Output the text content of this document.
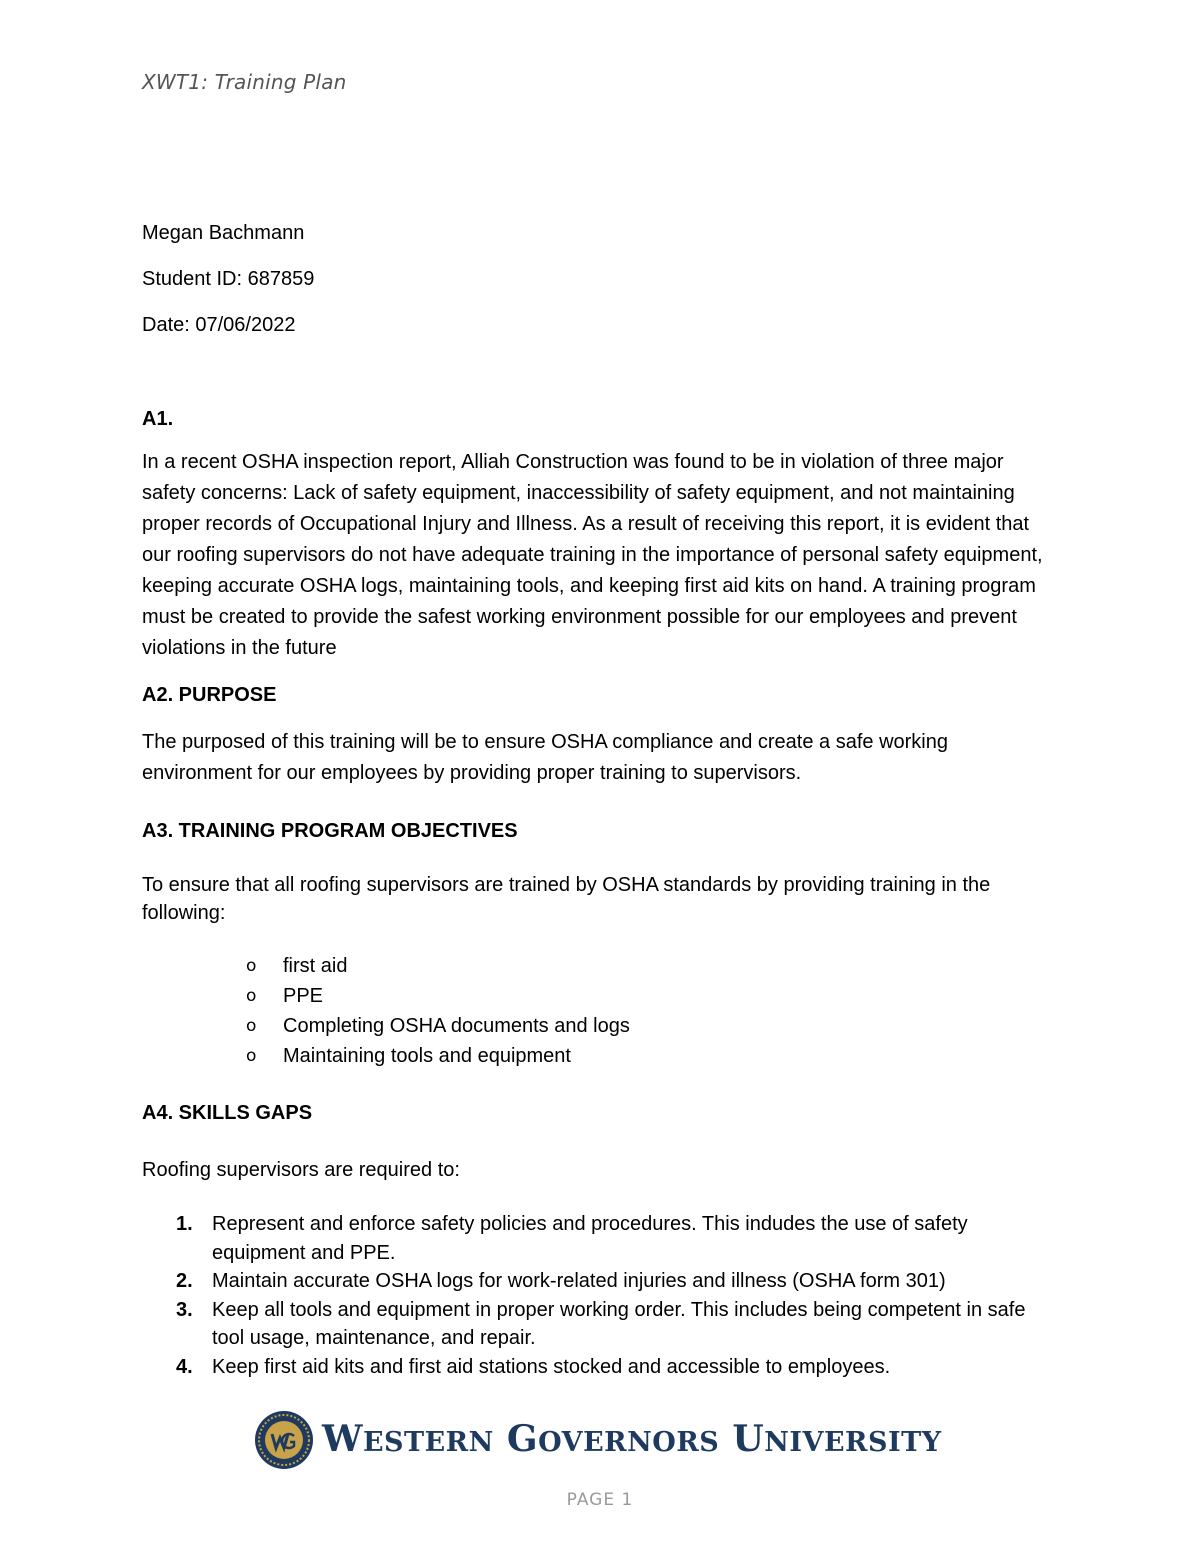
XWT1: Training Plan

Megan Bachmann

Student ID: 687859

Date: 07/06/2022

A1.

In a recent OSHA inspection report, Alliah Construction was found to be in violation of three major safety concerns: Lack of safety equipment, inaccessibility of safety equipment, and not maintaining proper records of Occupational Injury and Illness. As a result of receiving this report, it is evident that our roofing supervisors do not have adequate training in the importance of personal safety equipment, keeping accurate OSHA logs, maintaining tools, and keeping first aid kits on hand. A training program must be created to provide the safest working environment possible for our employees and prevent violations in the future

A2. PURPOSE

The purposed of this training will be to ensure OSHA compliance and create a safe working environment for our employees by providing proper training to supervisors.

A3. TRAINING PROGRAM OBJECTIVES

To ensure that all roofing supervisors are trained by OSHA standards by providing training in the following:

o first aid
o PPE
o Completing OSHA documents and logs
o Maintaining tools and equipment

A4. SKILLS GAPS

Roofing supervisors are required to:

1. Represent and enforce safety policies and procedures. This indudes the use of safety equipment and PPE.
2. Maintain accurate OSHA logs for work-related injuries and illness (OSHA form 301)
3. Keep all tools and equipment in proper working order. This includes being competent in safe tool usage, maintenance, and repair.
4. Keep first aid kits and first aid stations stocked and accessible to employees.
WESTERN GOVERNORS UNIVERSITY
PAGE 1
